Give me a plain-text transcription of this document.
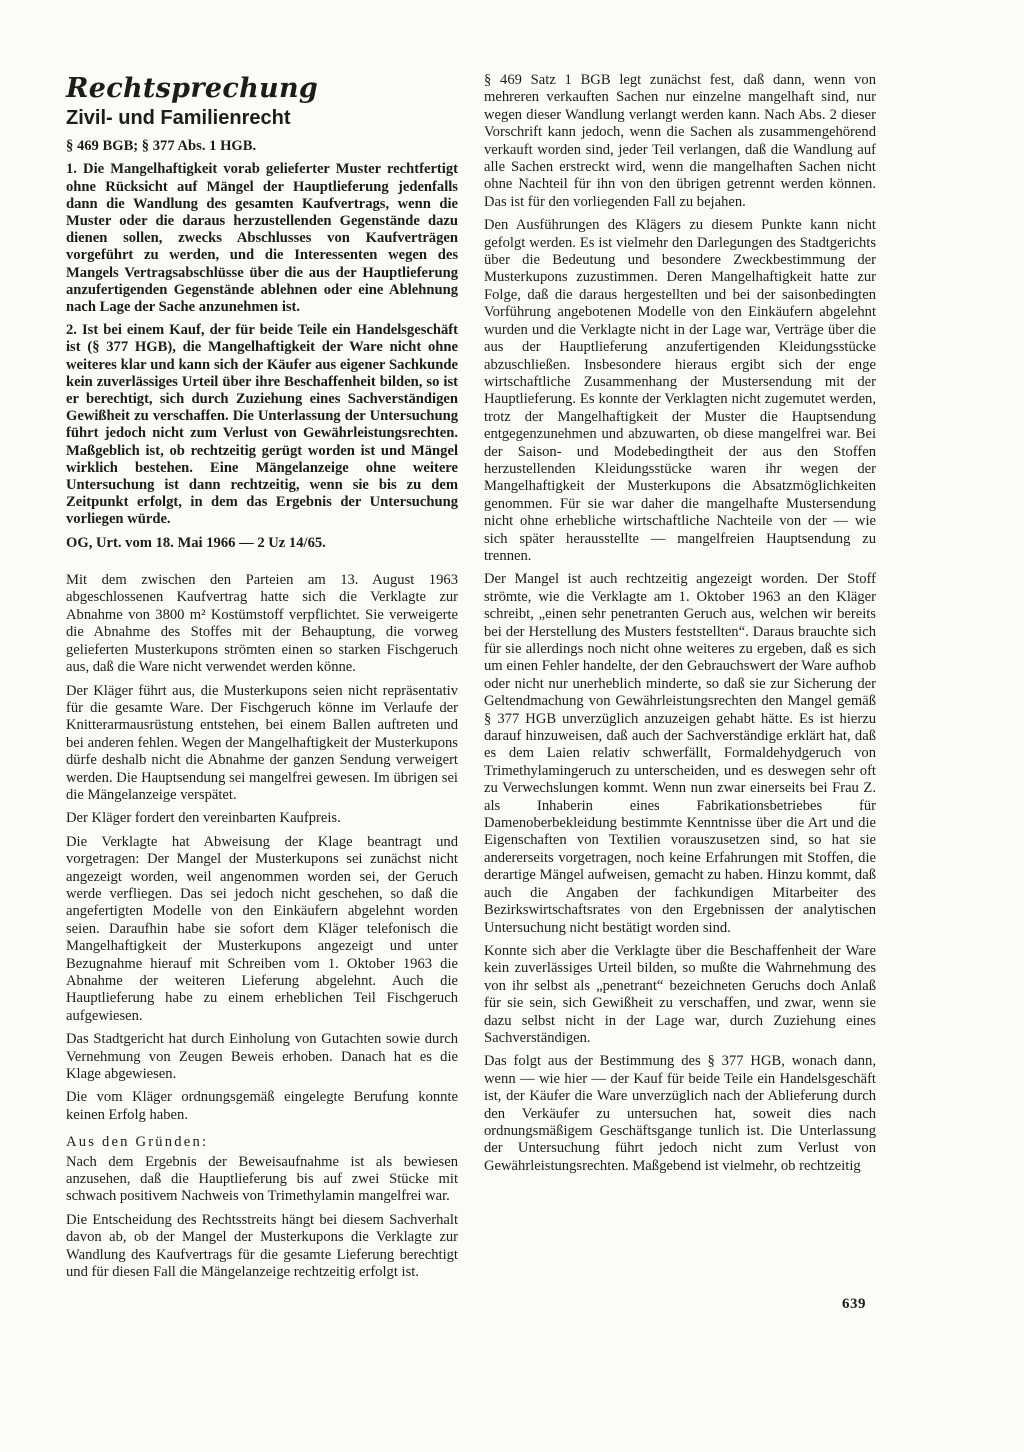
Rechtsprechung
Zivil- und Familienrecht

§ 469 BGB; § 377 Abs. 1 HGB.

1. Die Mangelhaftigkeit vorab gelieferter Muster rechtfertigt ohne Rücksicht auf Mängel der Hauptlieferung jedenfalls dann die Wandlung des gesamten Kaufvertrags, wenn die Muster oder die daraus herzustellenden Gegenstände dazu dienen sollen, zwecks Abschlusses von Kaufverträgen vorgeführt zu werden, und die Interessenten wegen des Mangels Vertragsabschlüsse über die aus der Hauptlieferung anzufertigenden Gegenstände ablehnen oder eine Ablehnung nach Lage der Sache anzunehmen ist.

2. Ist bei einem Kauf, der für beide Teile ein Handelsgeschäft ist (§ 377 HGB), die Mangelhaftigkeit der Ware nicht ohne weiteres klar und kann sich der Käufer aus eigener Sachkunde kein zuverlässiges Urteil über ihre Beschaffenheit bilden, so ist er berechtigt, sich durch Zuziehung eines Sachverständigen Gewißheit zu verschaffen. Die Unterlassung der Untersuchung führt jedoch nicht zum Verlust von Gewährleistungsrechten. Maßgeblich ist, ob rechtzeitig gerügt worden ist und Mängel wirklich bestehen. Eine Mängelanzeige ohne weitere Untersuchung ist dann rechtzeitig, wenn sie bis zu dem Zeitpunkt erfolgt, in dem das Ergebnis der Untersuchung vorliegen würde.

OG, Urt. vom 18. Mai 1966 — 2 Uz 14/65.

Mit dem zwischen den Parteien am 13. August 1963 abgeschlossenen Kaufvertrag hatte sich die Verklagte zur Abnahme von 3800 m² Kostümstoff verpflichtet. Sie verweigerte die Abnahme des Stoffes mit der Behauptung, die vorweg gelieferten Musterkupons strömten einen so starken Fischgeruch aus, daß die Ware nicht verwendet werden könne.

Der Kläger führt aus, die Musterkupons seien nicht repräsentativ für die gesamte Ware. Der Fischgeruch könne im Verlaufe der Knitterarmausrüstung entstehen, bei einem Ballen auftreten und bei anderen fehlen. Wegen der Mangelhaftigkeit der Musterkupons dürfe deshalb nicht die Abnahme der ganzen Sendung verweigert werden. Die Hauptsendung sei mangelfrei gewesen. Im übrigen sei die Mängelanzeige verspätet.

Der Kläger fordert den vereinbarten Kaufpreis.

Die Verklagte hat Abweisung der Klage beantragt und vorgetragen: Der Mangel der Musterkupons sei zunächst nicht angezeigt worden, weil angenommen worden sei, der Geruch werde verfliegen. Das sei jedoch nicht geschehen, so daß die angefertigten Modelle von den Einkäufern abgelehnt worden seien. Daraufhin habe sie sofort dem Kläger telefonisch die Mangelhaftigkeit der Musterkupons angezeigt und unter Bezugnahme hierauf mit Schreiben vom 1. Oktober 1963 die Abnahme der weiteren Lieferung abgelehnt. Auch die Hauptlieferung habe zu einem erheblichen Teil Fischgeruch aufgewiesen.

Das Stadtgericht hat durch Einholung von Gutachten sowie durch Vernehmung von Zeugen Beweis erhoben. Danach hat es die Klage abgewiesen.

Die vom Kläger ordnungsgemäß eingelegte Berufung konnte keinen Erfolg haben.

Aus den Gründen:

Nach dem Ergebnis der Beweisaufnahme ist als bewiesen anzusehen, daß die Hauptlieferung bis auf zwei Stücke mit schwach positivem Nachweis von Trimethylamin mangelfrei war.

Die Entscheidung des Rechtsstreits hängt bei diesem Sachverhalt davon ab, ob der Mangel der Musterkupons die Verklagte zur Wandlung des Kaufvertrags für die gesamte Lieferung berechtigt und für diesen Fall die Mängelanzeige rechtzeitig erfolgt ist.

§ 469 Satz 1 BGB legt zunächst fest, daß dann, wenn von mehreren verkauften Sachen nur einzelne mangelhaft sind, nur wegen dieser Wandlung verlangt werden kann. Nach Abs. 2 dieser Vorschrift kann jedoch, wenn die Sachen als zusammengehörend verkauft worden sind, jeder Teil verlangen, daß die Wandlung auf alle Sachen erstreckt wird, wenn die mangelhaften Sachen nicht ohne Nachteil für ihn von den übrigen getrennt werden können. Das ist für den vorliegenden Fall zu bejahen.

Den Ausführungen des Klägers zu diesem Punkte kann nicht gefolgt werden. Es ist vielmehr den Darlegungen des Stadtgerichts über die Bedeutung und besondere Zweckbestimmung der Musterkupons zuzustimmen. Deren Mangelhaftigkeit hatte zur Folge, daß die daraus hergestellten und bei der saisonbedingten Vorführung angebotenen Modelle von den Einkäufern abgelehnt wurden und die Verklagte nicht in der Lage war, Verträge über die aus der Hauptlieferung anzufertigenden Kleidungsstücke abzuschließen. Insbesondere hieraus ergibt sich der enge wirtschaftliche Zusammenhang der Mustersendung mit der Hauptlieferung. Es konnte der Verklagten nicht zugemutet werden, trotz der Mangelhaftigkeit der Muster die Hauptsendung entgegenzunehmen und abzuwarten, ob diese mangelfrei war. Bei der Saison- und Modebedingtheit der aus den Stoffen herzustellenden Kleidungsstücke waren ihr wegen der Mangelhaftigkeit der Musterkupons die Absatzmöglichkeiten genommen. Für sie war daher die mangelhafte Mustersendung nicht ohne erhebliche wirtschaftliche Nachteile von der — wie sich später herausstellte — mangelfreien Hauptsendung zu trennen.

Der Mangel ist auch rechtzeitig angezeigt worden. Der Stoff strömte, wie die Verklagte am 1. Oktober 1963 an den Kläger schreibt, „einen sehr penetranten Geruch aus, welchen wir bereits bei der Herstellung des Musters feststellten“. Daraus brauchte sich für sie allerdings noch nicht ohne weiteres zu ergeben, daß es sich um einen Fehler handelte, der den Gebrauchswert der Ware aufhob oder nicht nur unerheblich minderte, so daß sie zur Sicherung der Geltendmachung von Gewährleistungsrechten den Mangel gemäß § 377 HGB unverzüglich anzuzeigen gehabt hätte. Es ist hierzu darauf hinzuweisen, daß auch der Sachverständige erklärt hat, daß es dem Laien relativ schwerfällt, Formaldehydgeruch von Trimethylamingeruch zu unterscheiden, und es deswegen sehr oft zu Verwechslungen kommt. Wenn nun zwar einerseits bei Frau Z. als Inhaberin eines Fabrikationsbetriebes für Damenoberbekleidung bestimmte Kenntnisse über die Art und die Eigenschaften von Textilien vorauszusetzen sind, so hat sie andererseits vorgetragen, noch keine Erfahrungen mit Stoffen, die derartige Mängel aufweisen, gemacht zu haben. Hinzu kommt, daß auch die Angaben der fachkundigen Mitarbeiter des Bezirkswirtschaftsrates von den Ergebnissen der analytischen Untersuchung nicht bestätigt worden sind.

Konnte sich aber die Verklagte über die Beschaffenheit der Ware kein zuverlässiges Urteil bilden, so mußte die Wahrnehmung des von ihr selbst als „penetrant“ bezeichneten Geruchs doch Anlaß für sie sein, sich Gewißheit zu verschaffen, und zwar, wenn sie dazu selbst nicht in der Lage war, durch Zuziehung eines Sachverständigen.

Das folgt aus der Bestimmung des § 377 HGB, wonach dann, wenn — wie hier — der Kauf für beide Teile ein Handelsgeschäft ist, der Käufer die Ware unverzüglich nach der Ablieferung durch den Verkäufer zu untersuchen hat, soweit dies nach ordnungsmäßigem Geschäftsgange tunlich ist. Die Unterlassung der Untersuchung führt jedoch nicht zum Verlust von Gewährleistungsrechten. Maßgebend ist vielmehr, ob rechtzeitig

639
